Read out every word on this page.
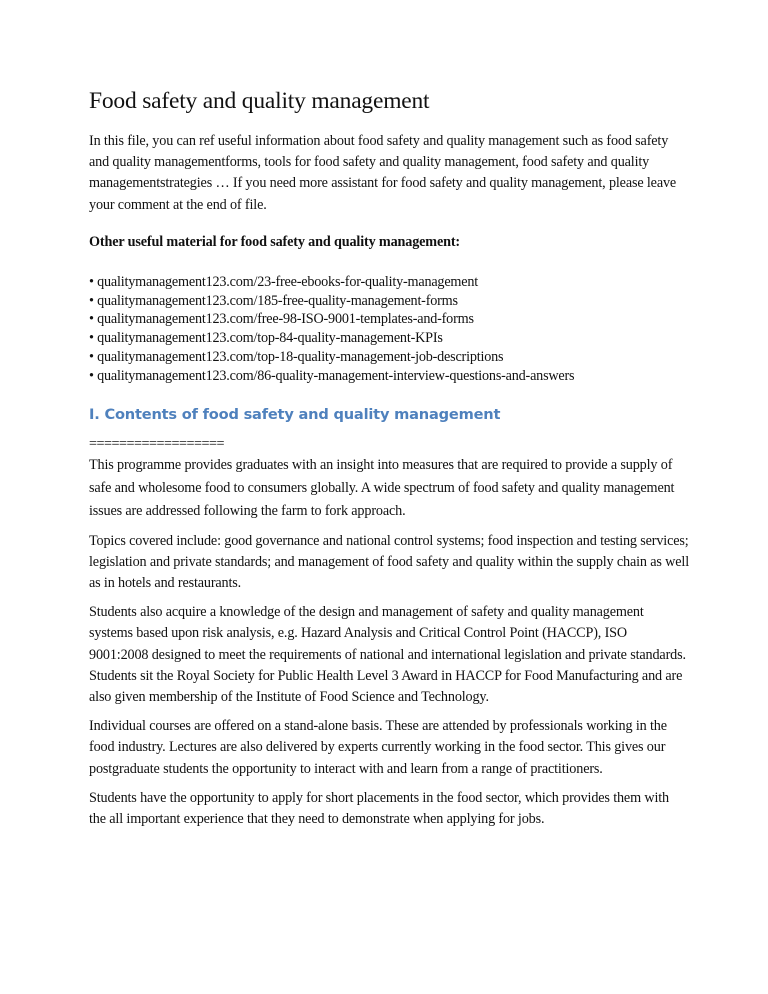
Food safety and quality management

In this file, you can ref useful information about food safety and quality management such as food safety and quality managementforms, tools for food safety and quality management, food safety and quality managementstrategies … If you need more assistant for food safety and quality management, please leave your comment at the end of file.

Other useful material for food safety and quality management:

• qualitymanagement123.com/23-free-ebooks-for-quality-management
• qualitymanagement123.com/185-free-quality-management-forms
• qualitymanagement123.com/free-98-ISO-9001-templates-and-forms
• qualitymanagement123.com/top-84-quality-management-KPIs
• qualitymanagement123.com/top-18-quality-management-job-descriptions
• qualitymanagement123.com/86-quality-management-interview-questions-and-answers
I. Contents of food safety and quality management

==================

This programme provides graduates with an insight into measures that are required to provide a supply of safe and wholesome food to consumers globally. A wide spectrum of food safety and quality management issues are addressed following the farm to fork approach.

Topics covered include: good governance and national control systems; food inspection and testing services; legislation and private standards; and management of food safety and quality within the supply chain as well as in hotels and restaurants.

Students also acquire a knowledge of the design and management of safety and quality management systems based upon risk analysis, e.g. Hazard Analysis and Critical Control Point (HACCP), ISO 9001:2008 designed to meet the requirements of national and international legislation and private standards. Students sit the Royal Society for Public Health Level 3 Award in HACCP for Food Manufacturing and are also given membership of the Institute of Food Science and Technology.

Individual courses are offered on a stand-alone basis. These are attended by professionals working in the food industry. Lectures are also delivered by experts currently working in the food sector. This gives our postgraduate students the opportunity to interact with and learn from a range of practitioners.

Students have the opportunity to apply for short placements in the food sector, which provides them with the all important experience that they need to demonstrate when applying for jobs.
